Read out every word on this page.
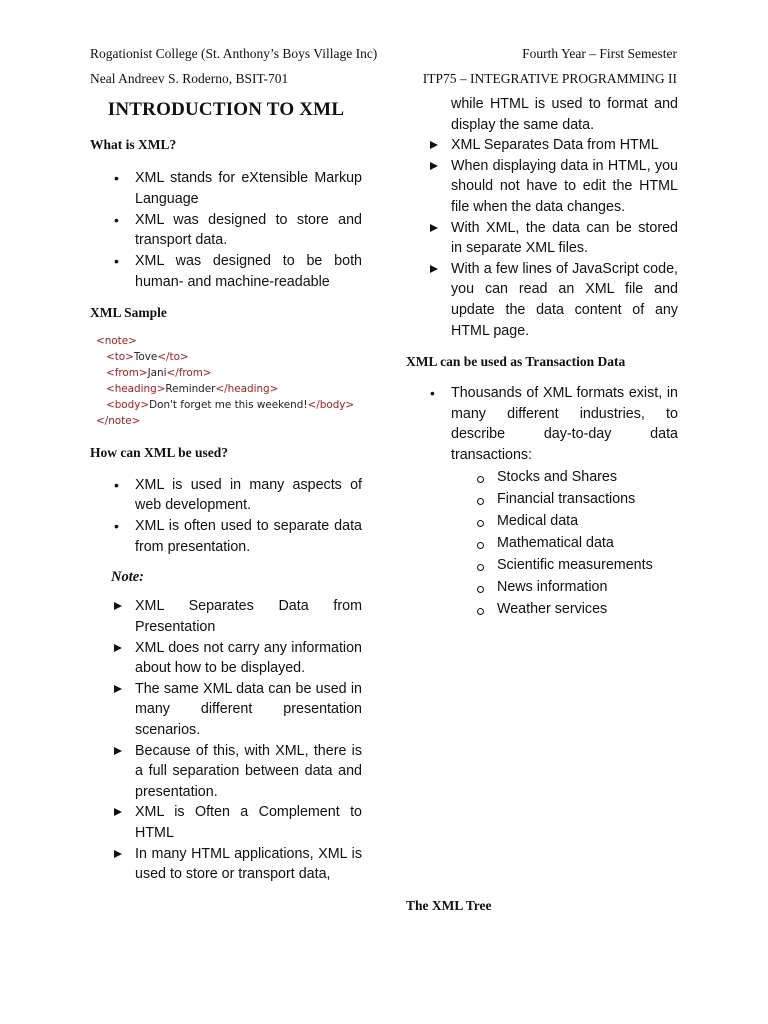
Rogationist College (St. Anthony’s Boys Village Inc)	Fourth Year – First Semester
Neal Andreev S. Roderno, BSIT-701	ITP75 – INTEGRATIVE PROGRAMMING II
INTRODUCTION TO XML
What is XML?
• XML stands for eXtensible Markup Language
• XML was designed to store and transport data.
• XML was designed to be both human- and machine-readable
XML Sample
<note>
<to>Tove</to>
<from>Jani</from>
<heading>Reminder</heading>
<body>Don't forget me this weekend!</body>
</note>
How can XML be used?
• XML is used in many aspects of web development.
• XML is often used to separate data from presentation.
Note:
XML Separates Data from Presentation
XML does not carry any information about how to be displayed.
The same XML data can be used in many different presentation scenarios.
Because of this, with XML, there is a full separation between data and presentation.
XML is Often a Complement to HTML
In many HTML applications, XML is used to store or transport data,
while HTML is used to format and display the same data.
XML Separates Data from HTML
When displaying data in HTML, you should not have to edit the HTML file when the data changes.
With XML, the data can be stored in separate XML files.
With a few lines of JavaScript code, you can read an XML file and update the data content of any HTML page.
XML can be used as Transaction Data
• Thousands of XML formats exist, in many different industries, to describe day-to-day data transactions:
Stocks and Shares
Financial transactions
Medical data
Mathematical data
Scientific measurements
News information
Weather services
The XML Tree
